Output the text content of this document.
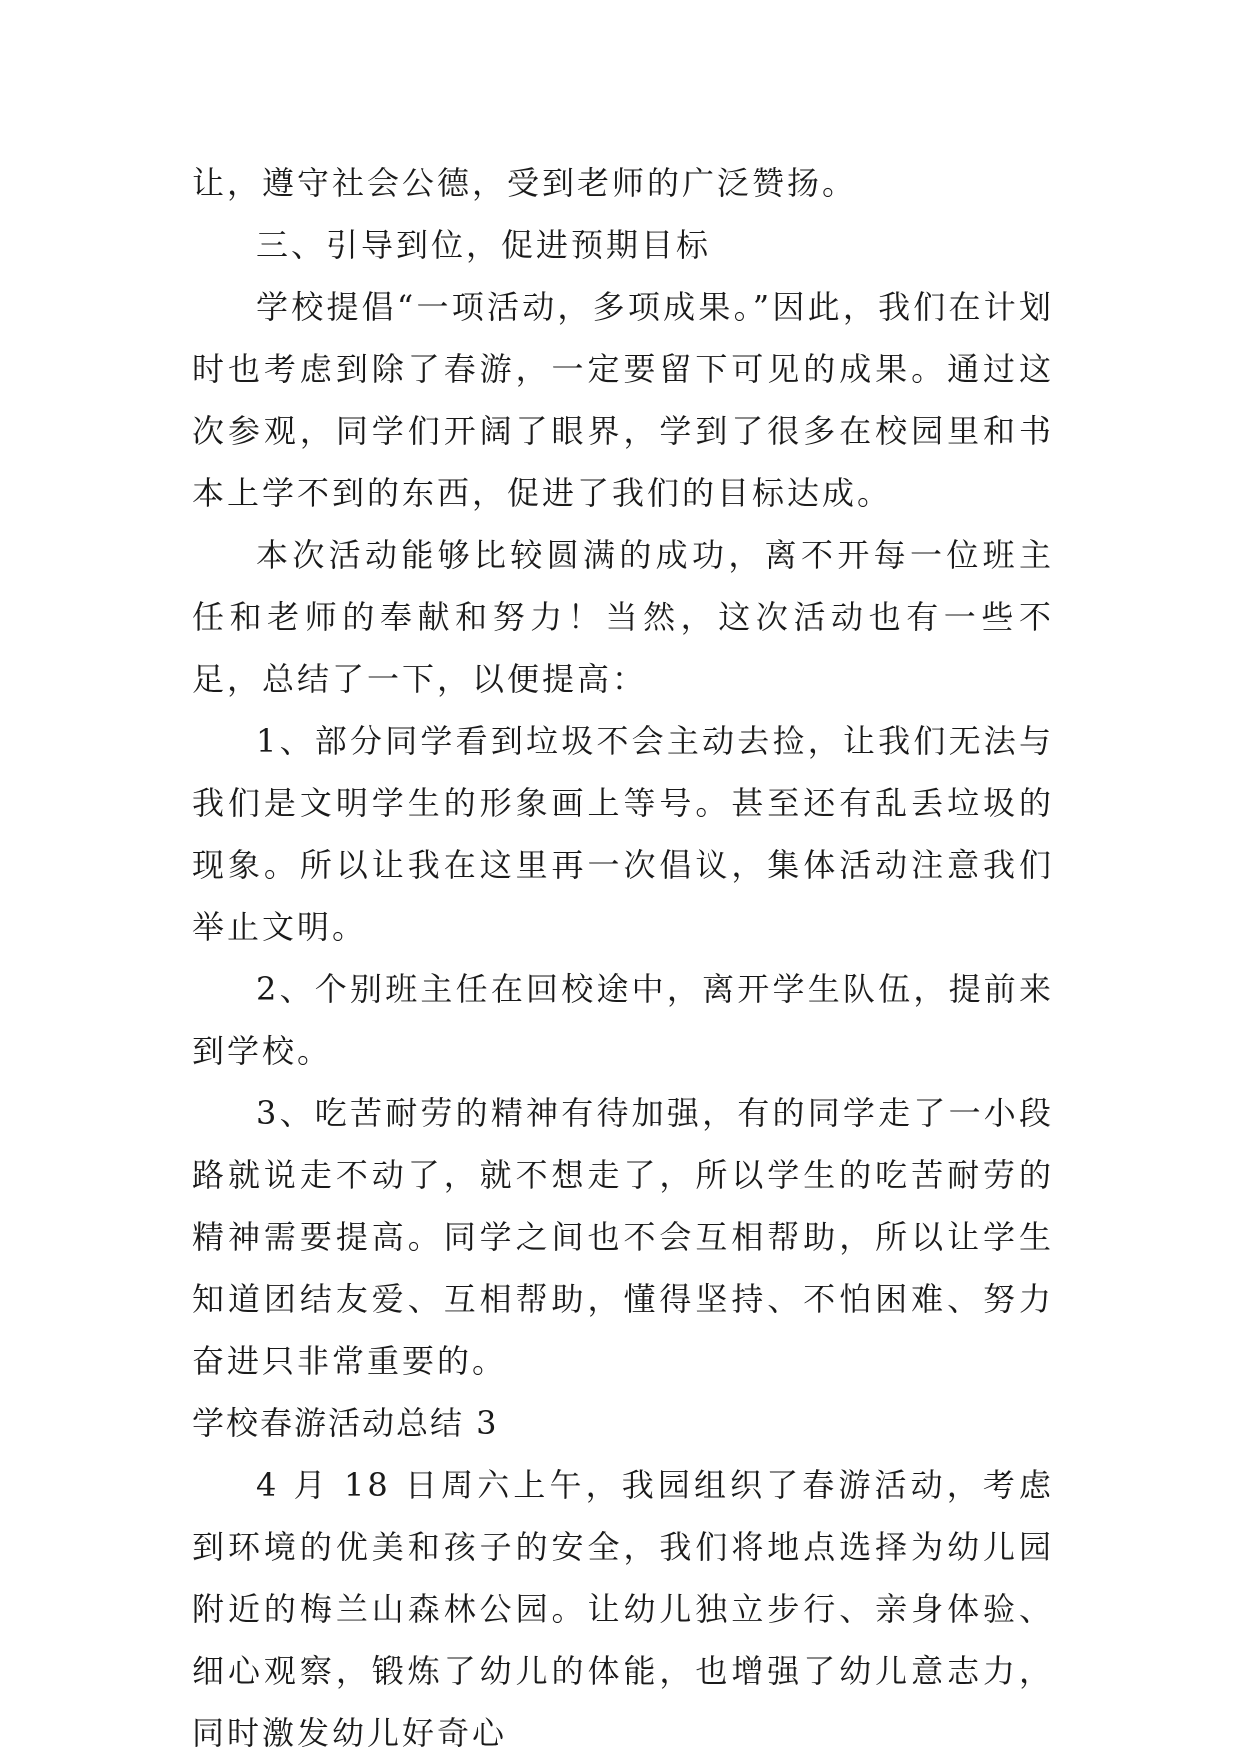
让，遵守社会公德，受到老师的广泛赞扬。

三、引导到位，促进预期目标

学校提倡“一项活动，多项成果。”因此，我们在计划时也考虑到除了春游，一定要留下可见的成果。通过这次参观，同学们开阔了眼界，学到了很多在校园里和书本上学不到的东西，促进了我们的目标达成。

本次活动能够比较圆满的成功，离不开每一位班主任和老师的奉献和努力！当然，这次活动也有一些不足，总结了一下，以便提高：

1、部分同学看到垃圾不会主动去捡，让我们无法与我们是文明学生的形象画上等号。甚至还有乱丢垃圾的现象。所以让我在这里再一次倡议，集体活动注意我们举止文明。

2、个别班主任在回校途中，离开学生队伍，提前来到学校。

3、吃苦耐劳的精神有待加强，有的同学走了一小段路就说走不动了，就不想走了，所以学生的吃苦耐劳的精神需要提高。同学之间也不会互相帮助，所以让学生知道团结友爱、互相帮助，懂得坚持、不怕困难、努力奋进只非常重要的。

学校春游活动总结 3

4 月 18 日周六上午，我园组织了春游活动，考虑到环境的优美和孩子的安全，我们将地点选择为幼儿园附近的梅兰山森林公园。让幼儿独立步行、亲身体验、细心观察，锻炼了幼儿的体能，也增强了幼儿意志力，同时激发幼儿好奇心
